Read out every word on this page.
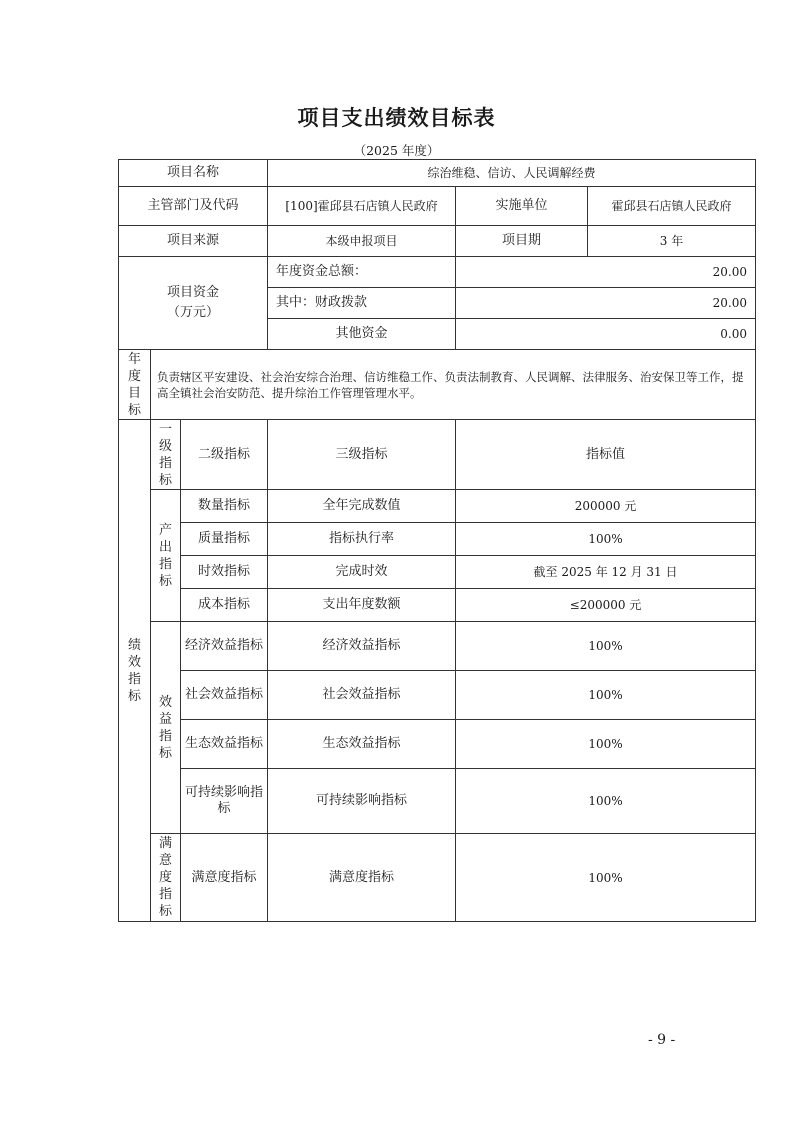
项目支出绩效目标表
（2025 年度）
项目名称			综治维稳、信访、人民调解经费		
主管部门及代码			[100]霍邱县石店镇人民政府	实施单位	霍邱县石店镇人民政府
项目来源			本级申报项目	项目期	3 年
项目资金（万元）			年度资金总额：	20.00	
			其中：财政拨款	20.00	
			其他资金	0.00	
年度目标	负责辖区平安建设、社会治安综合治理、信访维稳工作、负责法制教育、人民调解、法律服务、治安保卫等工作，提高全镇社会治安防范、提升综治工作管理管理水平。				
绩效指标	一级指标	二级指标	三级指标	指标值	
	产出指标	数量指标	全年完成数值	200000 元	
		质量指标	指标执行率	100%	
		时效指标	完成时效	截至 2025 年 12 月 31 日	
		成本指标	支出年度数额	≤200000 元	
	效益指标	经济效益指标	经济效益指标	100%	
		社会效益指标	社会效益指标	100%	
		生态效益指标	生态效益指标	100%	
		可持续影响指标	可持续影响指标	100%	
	满意度指标	满意度指标	满意度指标	100%	
- 9 -
